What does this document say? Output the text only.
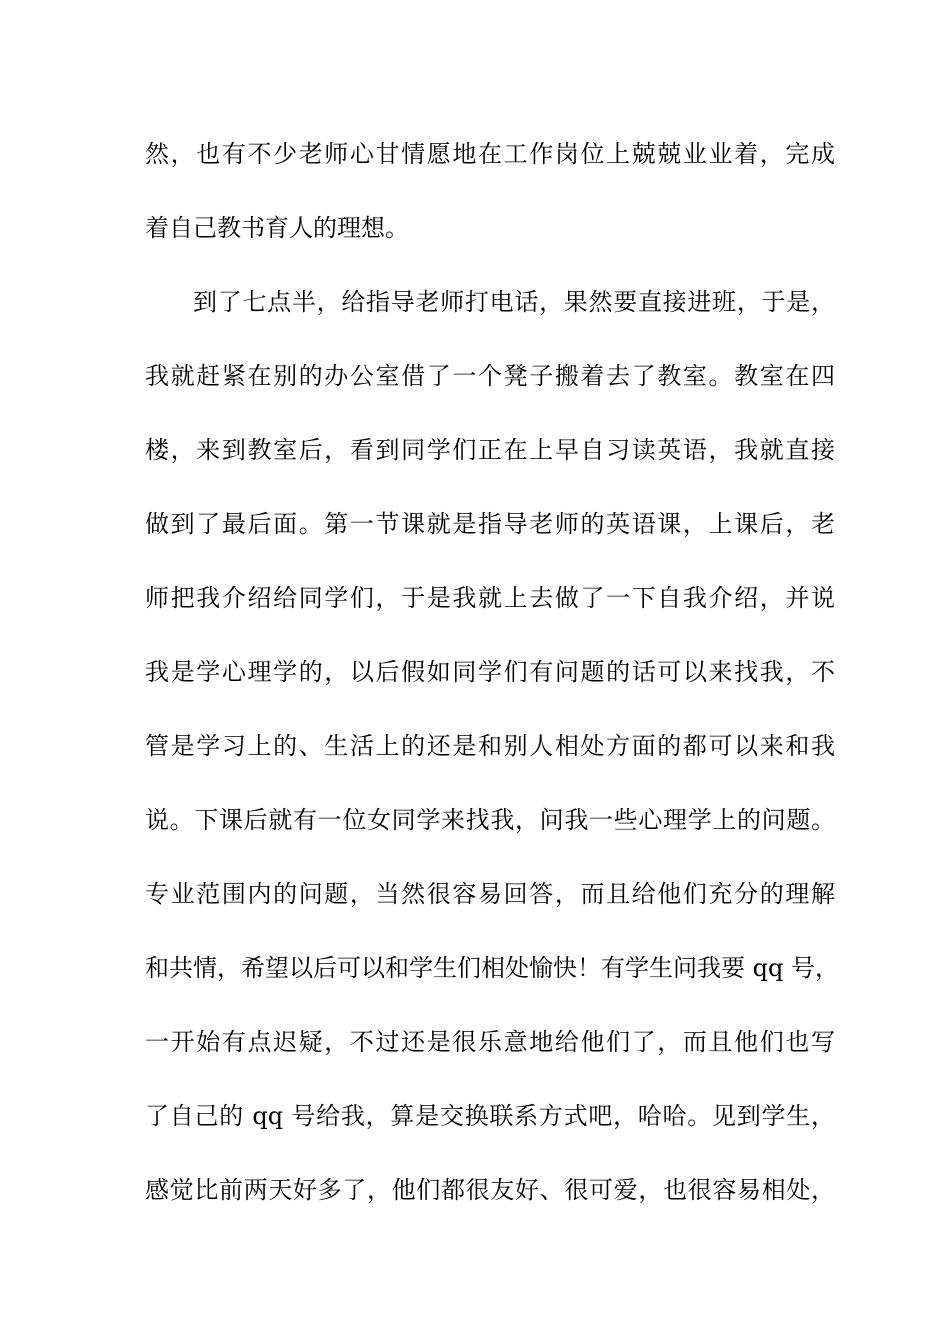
然，也有不少老师心甘情愿地在工作岗位上兢兢业业着，完成
着自己教书育人的理想。
到了七点半，给指导老师打电话，果然要直接进班，于是，
我就赶紧在别的办公室借了一个凳子搬着去了教室。教室在四
楼，来到教室后，看到同学们正在上早自习读英语，我就直接
做到了最后面。第一节课就是指导老师的英语课，上课后，老
师把我介绍给同学们，于是我就上去做了一下自我介绍，并说
我是学心理学的，以后假如同学们有问题的话可以来找我，不
管是学习上的、生活上的还是和别人相处方面的都可以来和我
说。下课后就有一位女同学来找我，问我一些心理学上的问题。
专业范围内的问题，当然很容易回答，而且给他们充分的理解
和共情，希望以后可以和学生们相处愉快！有学生问我要 qq 号，
一开始有点迟疑，不过还是很乐意地给他们了，而且他们也写
了自己的 qq 号给我，算是交换联系方式吧，哈哈。见到学生，
感觉比前两天好多了，他们都很友好、很可爱，也很容易相处，
